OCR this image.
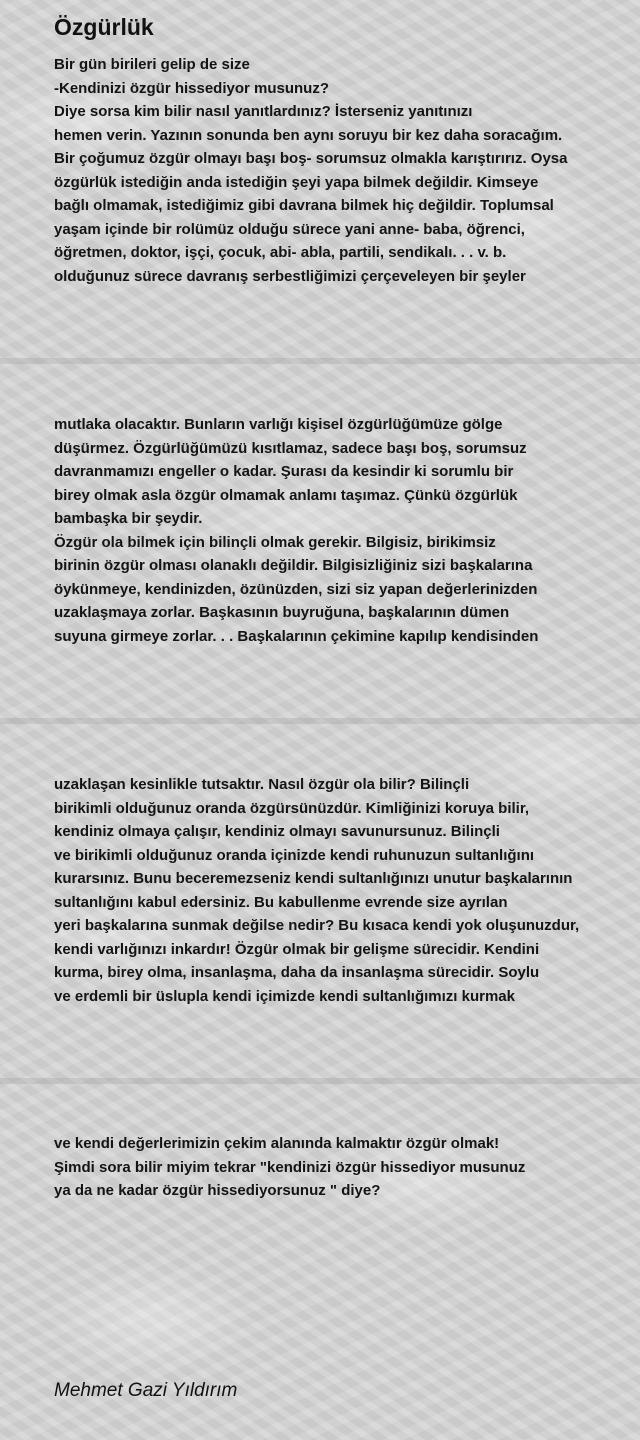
Özgürlük
Bir gün birileri gelip de size
-Kendinizi özgür hissediyor musunuz?
Diye sorsa kim bilir nasıl yanıtlardınız? İsterseniz yanıtınızı
hemen verin. Yazının sonunda ben aynı soruyu bir kez daha soracağım.
Bir çoğumuz özgür olmayı başı boş- sorumsuz olmakla karıştırırız. Oysa
özgürlük istediğin anda istediğin şeyi yapa bilmek değildir. Kimseye
bağlı olmamak, istediğimiz gibi davrana bilmek hiç değildir. Toplumsal
yaşam içinde bir rolümüz olduğu sürece yani anne- baba, öğrenci,
öğretmen, doktor, işçi, çocuk, abi- abla, partili, sendikalı. . . v. b.
olduğunuz sürece davranış serbestliğimizi çerçeveleyen bir şeyler
mutlaka olacaktır. Bunların varlığı kişisel özgürlüğümüze gölge
düşürmez. Özgürlüğümüzü kısıtlamaz, sadece başı boş, sorumsuz
davranmamızı engeller o kadar. Şurası da kesindir ki sorumlu bir
birey olmak asla özgür olmamak anlamı taşımaz. Çünkü özgürlük
bambaşka bir şeydir.
Özgür ola bilmek için bilinçli olmak gerekir. Bilgisiz, birikimsiz
birinin özgür olması olanaklı değildir. Bilgisizliğiniz sizi başkalarına
öykünmeye, kendinizden, özünüzden, sizi siz yapan değerlerinizden
uzaklaşmaya zorlar. Başkasının buyruğuna, başkalarının dümen
suyuna girmeye zorlar. . . Başkalarının çekimine kapılıp kendisinden
uzaklaşan kesinlikle tutsaktır. Nasıl özgür ola bilir? Bilinçli
birikimli olduğunuz oranda özgürsünüzdür. Kimliğinizi koruya bilir,
kendiniz olmaya çalışır, kendiniz olmayı savunursunuz. Bilinçli
ve birikimli olduğunuz oranda içinizde kendi ruhunuzun sultanlığını
kurarsınız. Bunu beceremezseniz kendi sultanlığınızı unutur başkalarının
sultanlığını kabul edersiniz. Bu kabullenme evrende size ayrılan
yeri başkalarına sunmak değilse nedir? Bu kısaca kendi yok oluşunuzdur,
kendi varlığınızı inkardır! Özgür olmak bir gelişme sürecidir. Kendini
kurma, birey olma, insanlaşma, daha da insanlaşma sürecidir. Soylu
ve erdemli bir üslupla kendi içimizde kendi sultanlığımızı kurmak
ve kendi değerlerimizin çekim alanında kalmaktır özgür olmak!
Şimdi sora bilir miyim tekrar "kendinizi özgür hissediyor musunuz
ya da ne kadar özgür hissediyorsunuz " diye?
Mehmet Gazi Yıldırım
